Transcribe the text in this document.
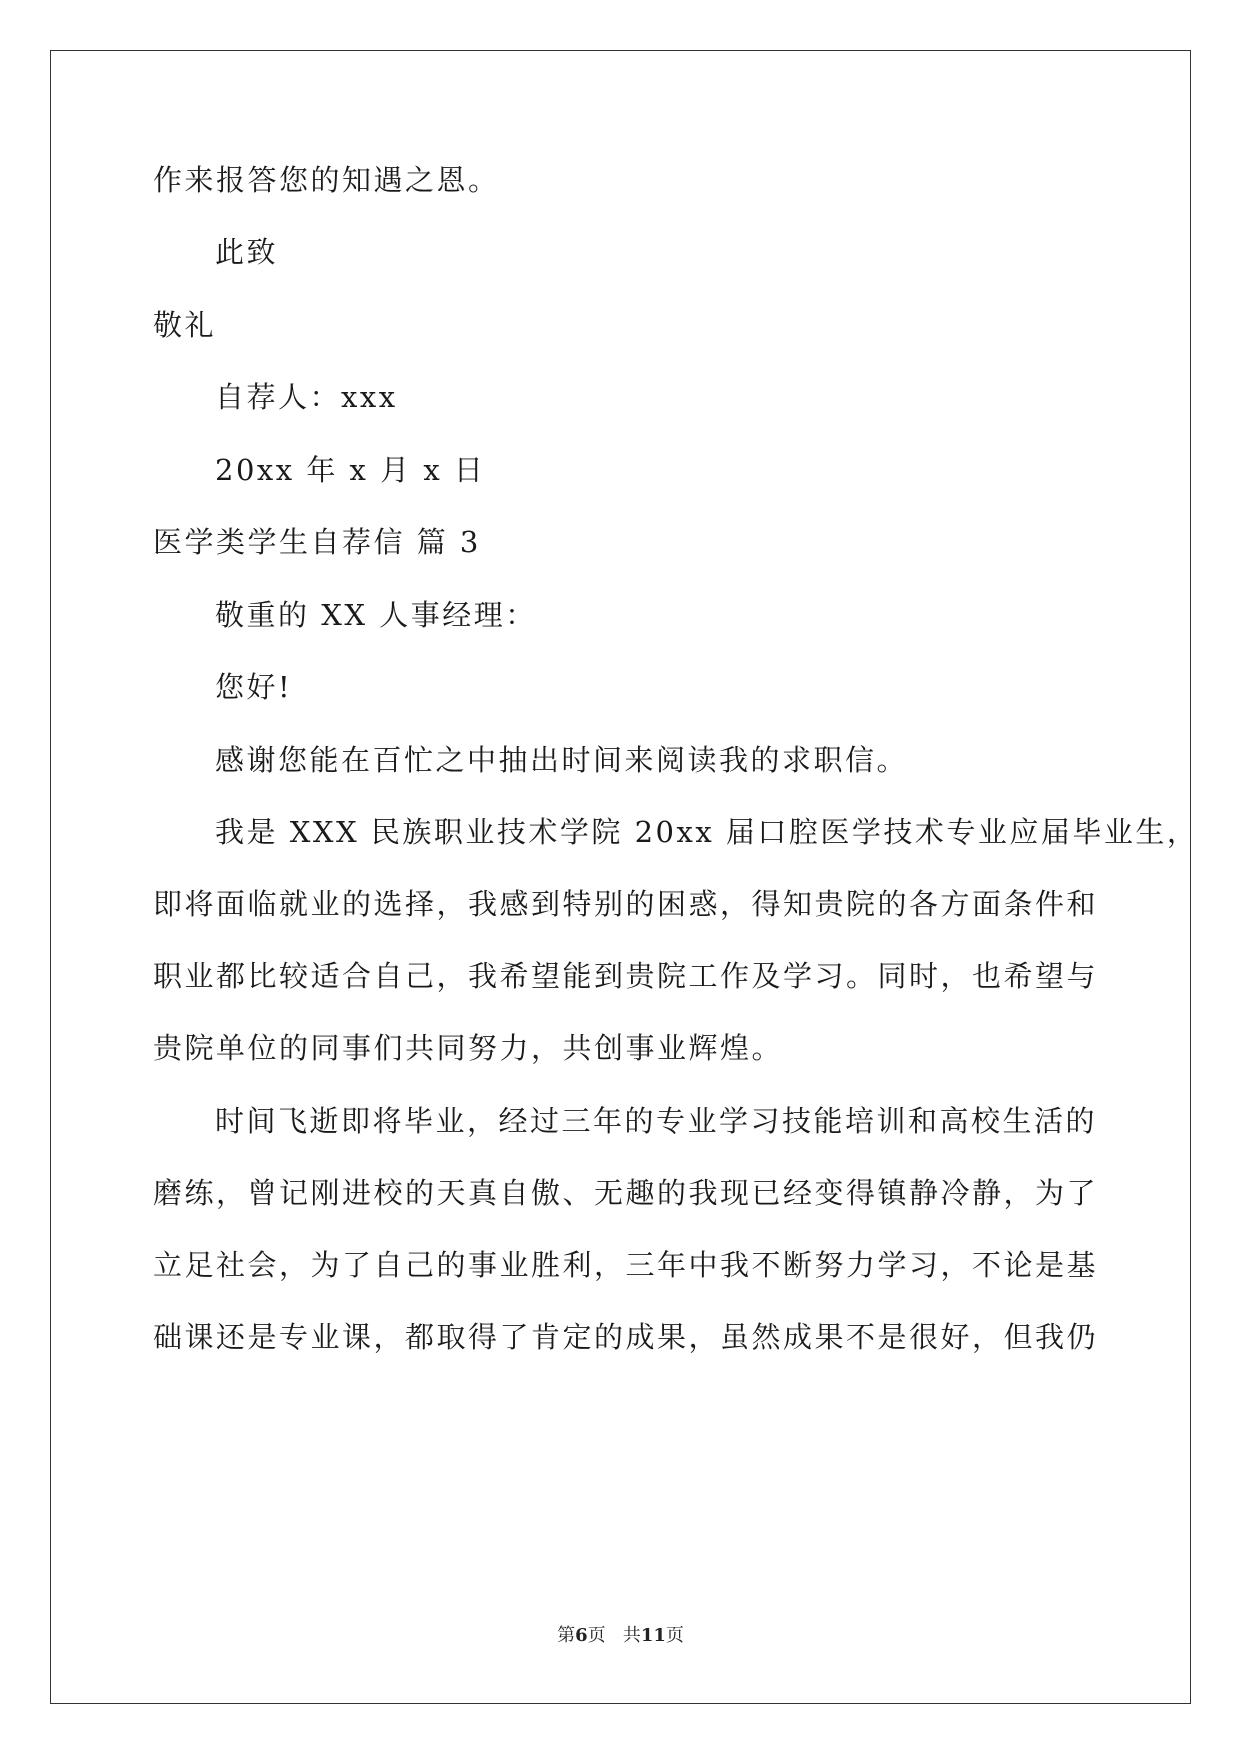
作来报答您的知遇之恩。
此致
敬礼
自荐人：xxx
20xx 年 x 月 x 日
医学类学生自荐信 篇 3
敬重的 XX 人事经理：
您好!
感谢您能在百忙之中抽出时间来阅读我的求职信。
我是 XXX 民族职业技术学院 20xx 届口腔医学技术专业应届毕业生，
即将面临就业的选择，我感到特别的困惑，得知贵院的各方面条件和
职业都比较适合自己，我希望能到贵院工作及学习。同时，也希望与
贵院单位的同事们共同努力，共创事业辉煌。
时间飞逝即将毕业，经过三年的专业学习技能培训和高校生活的
磨练，曾记刚进校的天真自傲、无趣的我现已经变得镇静冷静，为了
立足社会，为了自己的事业胜利，三年中我不断努力学习，不论是基
础课还是专业课，都取得了肯定的成果，虽然成果不是很好，但我仍
第6页 共11页
